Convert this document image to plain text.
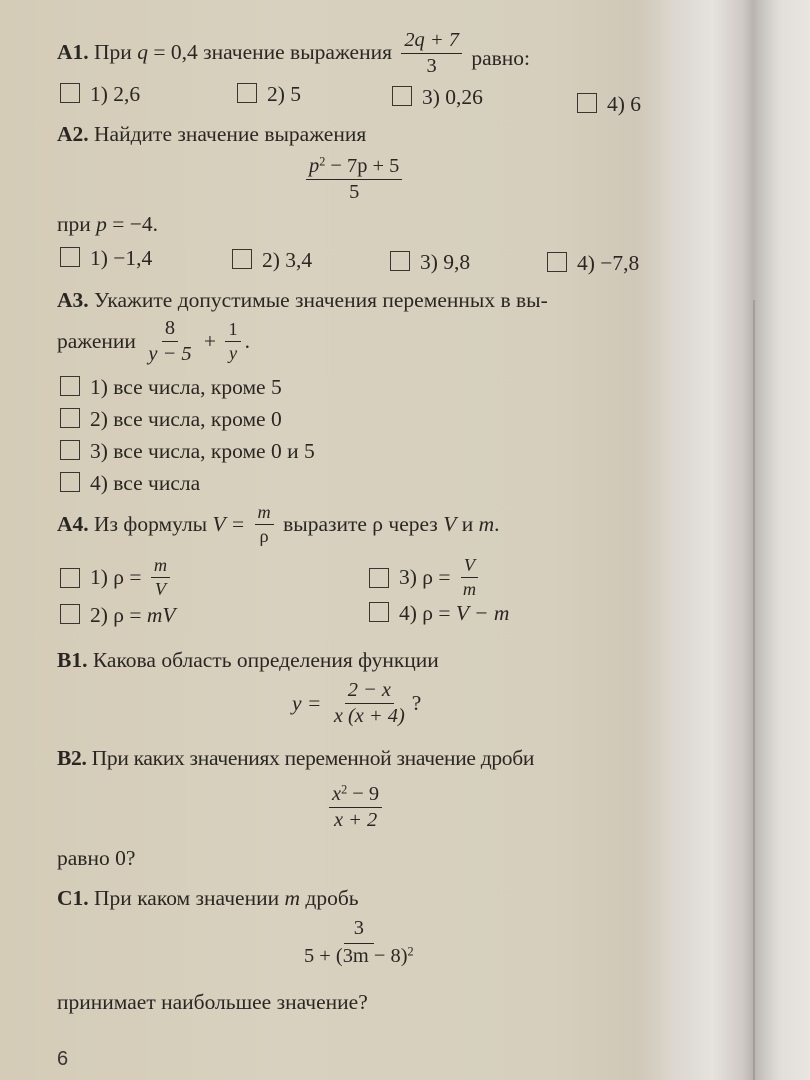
A1. При q = 0,4 значение выражения $\frac{2q + 7}{3}$ равно:
1) 2,6	2) 5	3) 0,26	4) 6
A2. Найдите значение выражения
$\frac{p^2 - 7p + 5}{5}$
при p = −4.
1) −1,4	2) 3,4	3) 9,8	4) −7,8
A3. Укажите допустимые значения переменных в вы-
ражении $\frac{8}{y - 5} + \frac{1}{y}$ .
1) все числа, кроме 5
2) все числа, кроме 0
3) все числа, кроме 0 и 5
4) все числа
A4. Из формулы $V = \frac{m}{\rho}$ выразите ρ через V и m.
1) $\rho = \frac{m}{V}$
2) ρ = mV
3) $\rho = \frac{V}{m}$
4) ρ = V − m
B1. Какова область определения функции
$y = \frac{2 - x}{x (x + 4)}$ ?
B2. При каких значениях переменной значение дроби
$\frac{x^2 - 9}{x + 2}$
равно 0?
C1. При каком значении m дробь
$\frac{3}{5 + (3m - 8)^2}$
принимает наибольшее значение?
6
